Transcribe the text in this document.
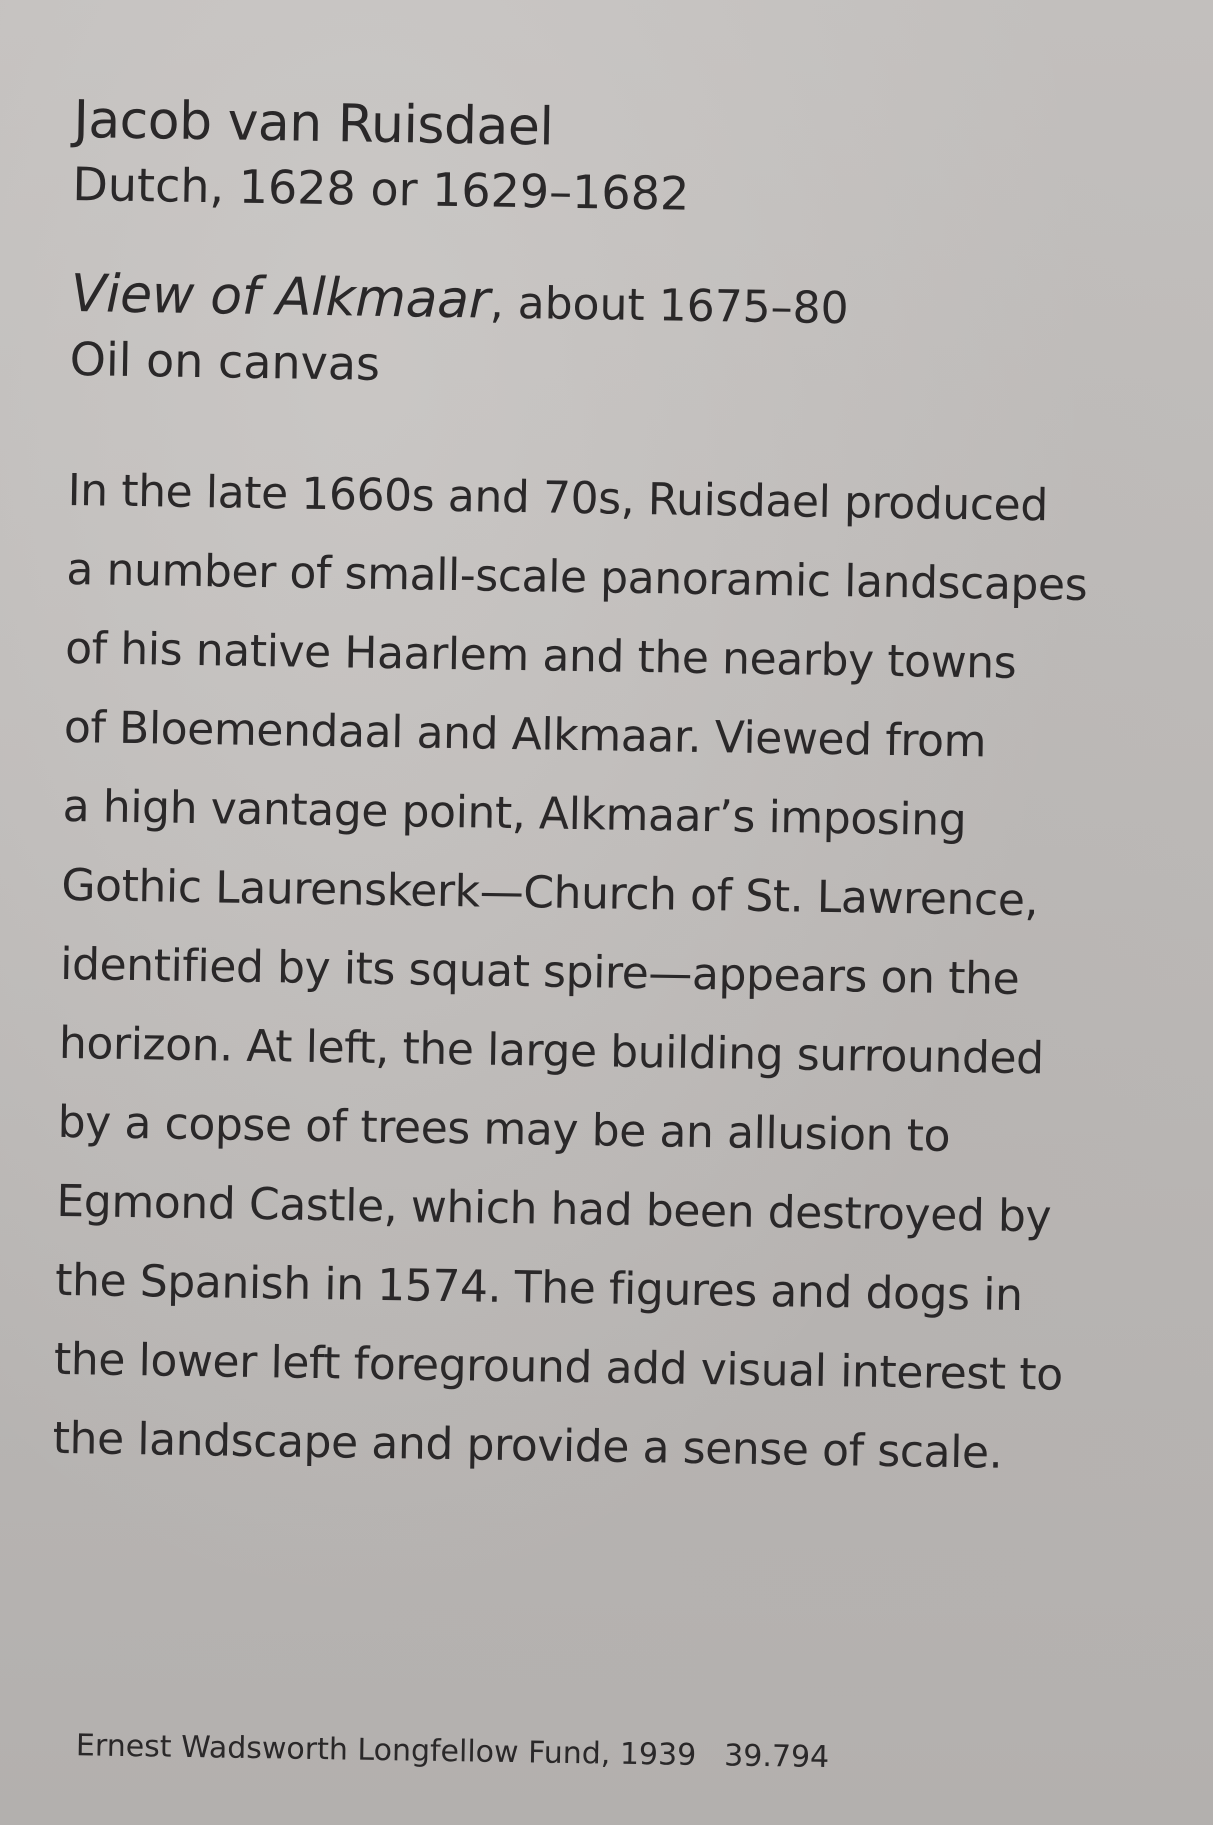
Jacob van Ruisdael

Dutch, 1628 or 1629–1682

View of Alkmaar, about 1675–80

Oil on canvas

In the late 1660s and 70s, Ruisdael produced

a number of small-scale panoramic landscapes

of his native Haarlem and the nearby towns

of Bloemendaal and Alkmaar. Viewed from

a high vantage point, Alkmaar’s imposing

Gothic Laurenskerk—Church of St. Lawrence,

identified by its squat spire—appears on the

horizon. At left, the large building surrounded

by a copse of trees may be an allusion to

Egmond Castle, which had been destroyed by

the Spanish in 1574. The figures and dogs in

the lower left foreground add visual interest to

the landscape and provide a sense of scale.

Ernest Wadsworth Longfellow Fund, 1939 39.794
